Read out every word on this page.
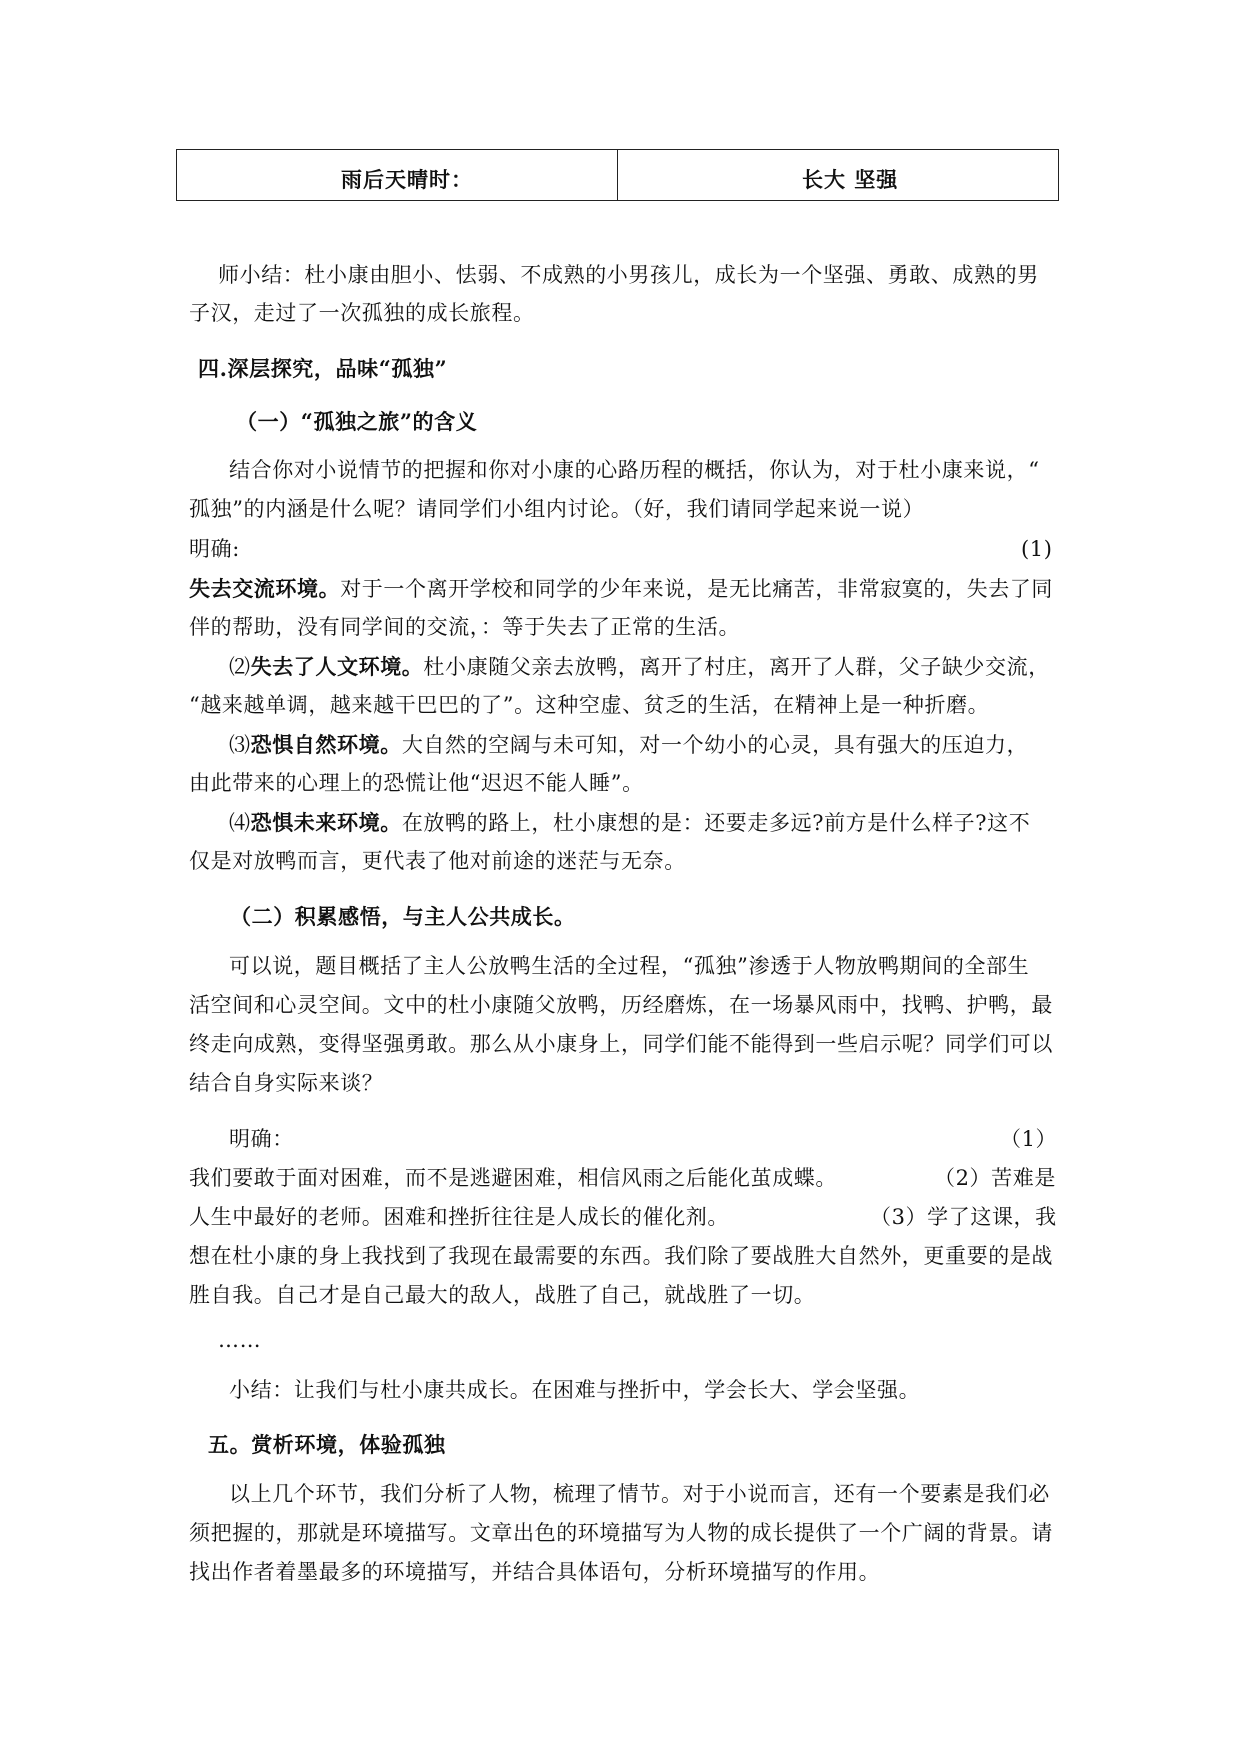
雨后天晴时：	长大 坚强
师小结：杜小康由胆小、怯弱、不成熟的小男孩儿，成长为一个坚强、勇敢、成熟的男
子汉，走过了一次孤独的成长旅程。
四.深层探究，品味“孤独”
（一）“孤独之旅”的含义
结合你对小说情节的把握和你对小康的心路历程的概括，你认为，对于杜小康来说，“
孤独”的内涵是什么呢？请同学们小组内讨论。（好，我们请同学起来说一说）
明确:	(1)
失去交流环境。对于一个离开学校和同学的少年来说，是无比痛苦，非常寂寞的，失去了同
伴的帮助，没有同学间的交流，：等于失去了正常的生活。
⑵失去了人文环境。杜小康随父亲去放鸭，离开了村庄，离开了人群，父子缺少交流，
“越来越单调，越来越干巴巴的了”。这种空虚、贫乏的生活，在精神上是一种折磨。
⑶恐惧自然环境。大自然的空阔与未可知，对一个幼小的心灵，具有强大的压迫力，
由此带来的心理上的恐慌让他“迟迟不能人睡”。
⑷恐惧未来环境。在放鸭的路上，杜小康想的是：还要走多远?前方是什么样子?这不
仅是对放鸭而言，更代表了他对前途的迷茫与无奈。
（二）积累感悟，与主人公共成长。
可以说，题目概括了主人公放鸭生活的全过程，“孤独”渗透于人物放鸭期间的全部生
活空间和心灵空间。文中的杜小康随父放鸭，历经磨炼，在一场暴风雨中，找鸭、护鸭，最
终走向成熟，变得坚强勇敢。那么从小康身上，同学们能不能得到一些启示呢？同学们可以
结合自身实际来谈？
明确：	（1）
我们要敢于面对困难，而不是逃避困难，相信风雨之后能化茧成蝶。	（2）苦难是
人生中最好的老师。困难和挫折往往是人成长的催化剂。	（3）学了这课，我
想在杜小康的身上我找到了我现在最需要的东西。我们除了要战胜大自然外，更重要的是战
胜自我。自己才是自己最大的敌人，战胜了自己，就战胜了一切。
……
小结：让我们与杜小康共成长。在困难与挫折中，学会长大、学会坚强。
五。赏析环境，体验孤独
以上几个环节，我们分析了人物，梳理了情节。对于小说而言，还有一个要素是我们必
须把握的，那就是环境描写。文章出色的环境描写为人物的成长提供了一个广阔的背景。请
找出作者着墨最多的环境描写，并结合具体语句，分析环境描写的作用。
